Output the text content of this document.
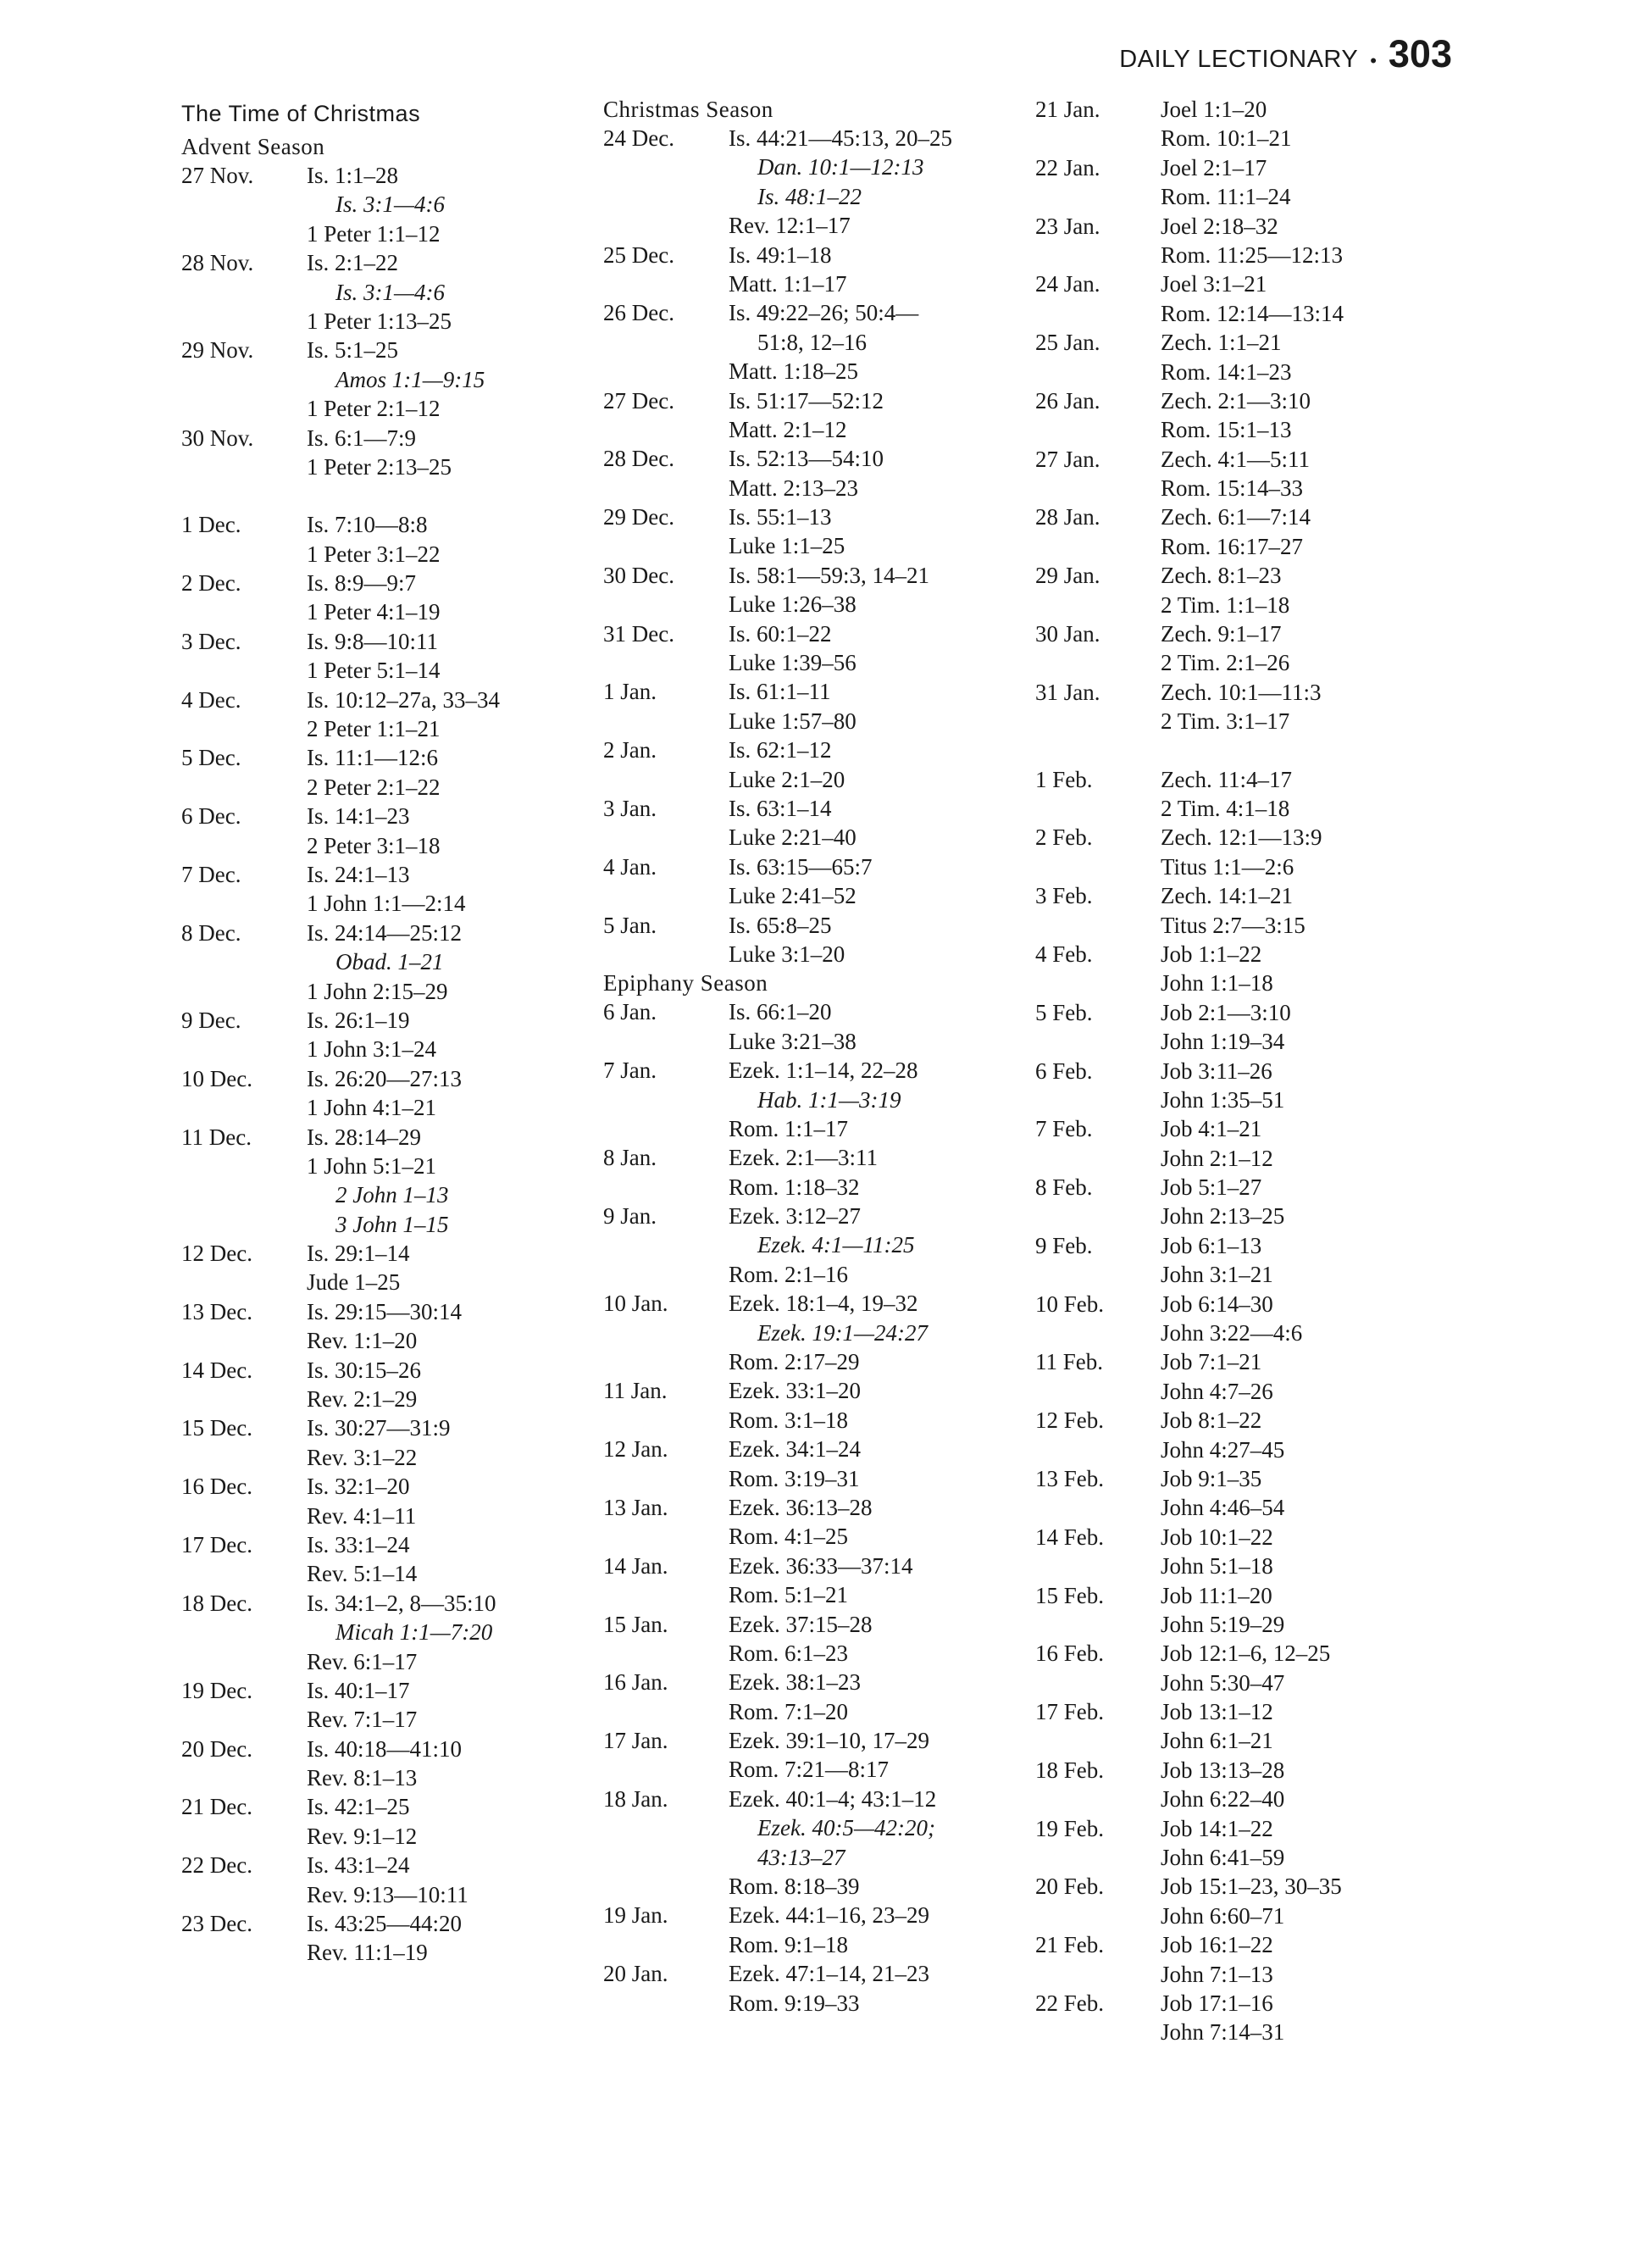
DAILY LECTIONARY • 303
The Time of Christmas
Advent Season
27 Nov.	Is. 1:1–28
Is. 3:1—4:6
1 Peter 1:1–12
28 Nov.	Is. 2:1–22
Is. 3:1—4:6
1 Peter 1:13–25
29 Nov.	Is. 5:1–25
Amos 1:1—9:15
1 Peter 2:1–12
30 Nov.	Is. 6:1—7:9
1 Peter 2:13–25
1 Dec.	Is. 7:10—8:8
1 Peter 3:1–22
2 Dec.	Is. 8:9—9:7
1 Peter 4:1–19
3 Dec.	Is. 9:8—10:11
1 Peter 5:1–14
4 Dec.	Is. 10:12–27a, 33–34
2 Peter 1:1–21
5 Dec.	Is. 11:1—12:6
2 Peter 2:1–22
6 Dec.	Is. 14:1–23
2 Peter 3:1–18
7 Dec.	Is. 24:1–13
1 John 1:1—2:14
8 Dec.	Is. 24:14—25:12
Obad. 1–21
1 John 2:15–29
9 Dec.	Is. 26:1–19
1 John 3:1–24
10 Dec.	Is. 26:20—27:13
1 John 4:1–21
11 Dec.	Is. 28:14–29
1 John 5:1–21
2 John 1–13
3 John 1–15
12 Dec.	Is. 29:1–14
Jude 1–25
13 Dec.	Is. 29:15—30:14
Rev. 1:1–20
14 Dec.	Is. 30:15–26
Rev. 2:1–29
15 Dec.	Is. 30:27—31:9
Rev. 3:1–22
16 Dec.	Is. 32:1–20
Rev. 4:1–11
17 Dec.	Is. 33:1–24
Rev. 5:1–14
18 Dec.	Is. 34:1–2, 8—35:10
Micah 1:1—7:20
Rev. 6:1–17
19 Dec.	Is. 40:1–17
Rev. 7:1–17
20 Dec.	Is. 40:18—41:10
Rev. 8:1–13
21 Dec.	Is. 42:1–25
Rev. 9:1–12
22 Dec.	Is. 43:1–24
Rev. 9:13—10:11
23 Dec.	Is. 43:25—44:20
Rev. 11:1–19
Christmas Season
24 Dec.	Is. 44:21—45:13, 20–25
Dan. 10:1—12:13
Is. 48:1–22
Rev. 12:1–17
25 Dec.	Is. 49:1–18
Matt. 1:1–17
26 Dec.	Is. 49:22–26; 50:4—
51:8, 12–16
Matt. 1:18–25
27 Dec.	Is. 51:17—52:12
Matt. 2:1–12
28 Dec.	Is. 52:13—54:10
Matt. 2:13–23
29 Dec.	Is. 55:1–13
Luke 1:1–25
30 Dec.	Is. 58:1—59:3, 14–21
Luke 1:26–38
31 Dec.	Is. 60:1–22
Luke 1:39–56
1 Jan.	Is. 61:1–11
Luke 1:57–80
2 Jan.	Is. 62:1–12
Luke 2:1–20
3 Jan.	Is. 63:1–14
Luke 2:21–40
4 Jan.	Is. 63:15—65:7
Luke 2:41–52
5 Jan.	Is. 65:8–25
Luke 3:1–20
Epiphany Season
6 Jan.	Is. 66:1–20
Luke 3:21–38
7 Jan.	Ezek. 1:1–14, 22–28
Hab. 1:1—3:19
Rom. 1:1–17
8 Jan.	Ezek. 2:1—3:11
Rom. 1:18–32
9 Jan.	Ezek. 3:12–27
Ezek. 4:1—11:25
Rom. 2:1–16
10 Jan.	Ezek. 18:1–4, 19–32
Ezek. 19:1—24:27
Rom. 2:17–29
11 Jan.	Ezek. 33:1–20
Rom. 3:1–18
12 Jan.	Ezek. 34:1–24
Rom. 3:19–31
13 Jan.	Ezek. 36:13–28
Rom. 4:1–25
14 Jan.	Ezek. 36:33—37:14
Rom. 5:1–21
15 Jan.	Ezek. 37:15–28
Rom. 6:1–23
16 Jan.	Ezek. 38:1–23
Rom. 7:1–20
17 Jan.	Ezek. 39:1–10, 17–29
Rom. 7:21—8:17
18 Jan.	Ezek. 40:1–4; 43:1–12
Ezek. 40:5—42:20;
43:13–27
Rom. 8:18–39
19 Jan.	Ezek. 44:1–16, 23–29
Rom. 9:1–18
20 Jan.	Ezek. 47:1–14, 21–23
Rom. 9:19–33
21 Jan.	Joel 1:1–20
Rom. 10:1–21
22 Jan.	Joel 2:1–17
Rom. 11:1–24
23 Jan.	Joel 2:18–32
Rom. 11:25—12:13
24 Jan.	Joel 3:1–21
Rom. 12:14—13:14
25 Jan.	Zech. 1:1–21
Rom. 14:1–23
26 Jan.	Zech. 2:1—3:10
Rom. 15:1–13
27 Jan.	Zech. 4:1—5:11
Rom. 15:14–33
28 Jan.	Zech. 6:1—7:14
Rom. 16:17–27
29 Jan.	Zech. 8:1–23
2 Tim. 1:1–18
30 Jan.	Zech. 9:1–17
2 Tim. 2:1–26
31 Jan.	Zech. 10:1—11:3
2 Tim. 3:1–17
1 Feb.	Zech. 11:4–17
2 Tim. 4:1–18
2 Feb.	Zech. 12:1—13:9
Titus 1:1—2:6
3 Feb.	Zech. 14:1–21
Titus 2:7—3:15
4 Feb.	Job 1:1–22
John 1:1–18
5 Feb.	Job 2:1—3:10
John 1:19–34
6 Feb.	Job 3:11–26
John 1:35–51
7 Feb.	Job 4:1–21
John 2:1–12
8 Feb.	Job 5:1–27
John 2:13–25
9 Feb.	Job 6:1–13
John 3:1–21
10 Feb.	Job 6:14–30
John 3:22—4:6
11 Feb.	Job 7:1–21
John 4:7–26
12 Feb.	Job 8:1–22
John 4:27–45
13 Feb.	Job 9:1–35
John 4:46–54
14 Feb.	Job 10:1–22
John 5:1–18
15 Feb.	Job 11:1–20
John 5:19–29
16 Feb.	Job 12:1–6, 12–25
John 5:30–47
17 Feb.	Job 13:1–12
John 6:1–21
18 Feb.	Job 13:13–28
John 6:22–40
19 Feb.	Job 14:1–22
John 6:41–59
20 Feb.	Job 15:1–23, 30–35
John 6:60–71
21 Feb.	Job 16:1–22
John 7:1–13
22 Feb.	Job 17:1–16
John 7:14–31
